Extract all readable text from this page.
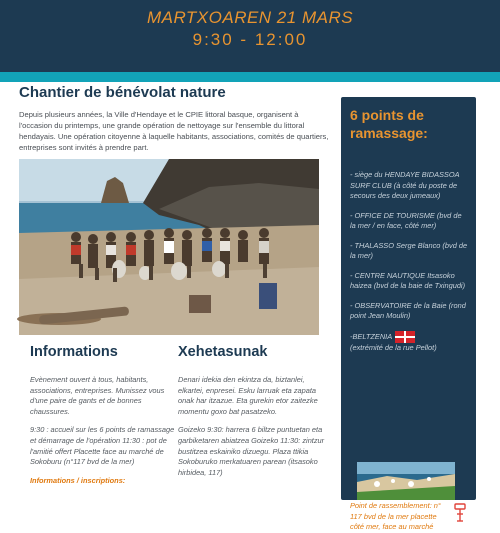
MARTXOAREN 21 MARS
9:30 - 12:00
Chantier de bénévolat nature

Depuis plusieurs années, la Ville d'Hendaye et le CPIE littoral basque, organisent à l'occasion du printemps, une grande opération de nettoyage sur l'ensemble du littoral hendayais. Une opération citoyenne à laquelle habitants, associations, comités de quartiers, entreprises sont invités à prendre part.

Informations

Evènement ouvert à tous, habitants, associations, entreprises. Munissez vous d'une paire de gants et de bonnes chaussures.

9:30 : accueil sur les 6 points de ramassage et démarrage de l'opération 11:30 : pot de l'amitié offert Placette face au marché de Sokoburu (n°117 bvd de la mer)

Informations / inscriptions:

Xehetasunak

Denari idekia den ekintza da, biztanlei, elkartei, enpresei. Esku larruak eta zapata onak har itzazue. Eta gurekin etor zaitezke momentu goxo bat pasatzeko.

Goizeko 9:30: harrera 6 biltze puntuetan eta garbiketaren abiatzea Goizeko 11:30: zintzur bustitzea eskainiko dizuegu. Plaza ttikia Sokoburuko merkatuaren parean (itsasoko hirbidea, 117)

6 points de ramassage:
- siège du HENDAYE BIDASSOA SURF CLUB (à côté du poste de secours des deux jumeaux)
- OFFICE DE TOURISME (bvd de la mer / en face, côté mer)
- THALASSO Serge Blanco (bvd de la mer)
- CENTRE NAUTIQUE Itsasoko haizea (bvd de la baie de Txingudi)
- OBSERVATOIRE de la Baie (rond point Jean Moulin)
-BELTZENIA
(extrémité de la rue Pellot)
Point de rassemblement: n° 117 bvd de la mer placette côté mer, face au marché
